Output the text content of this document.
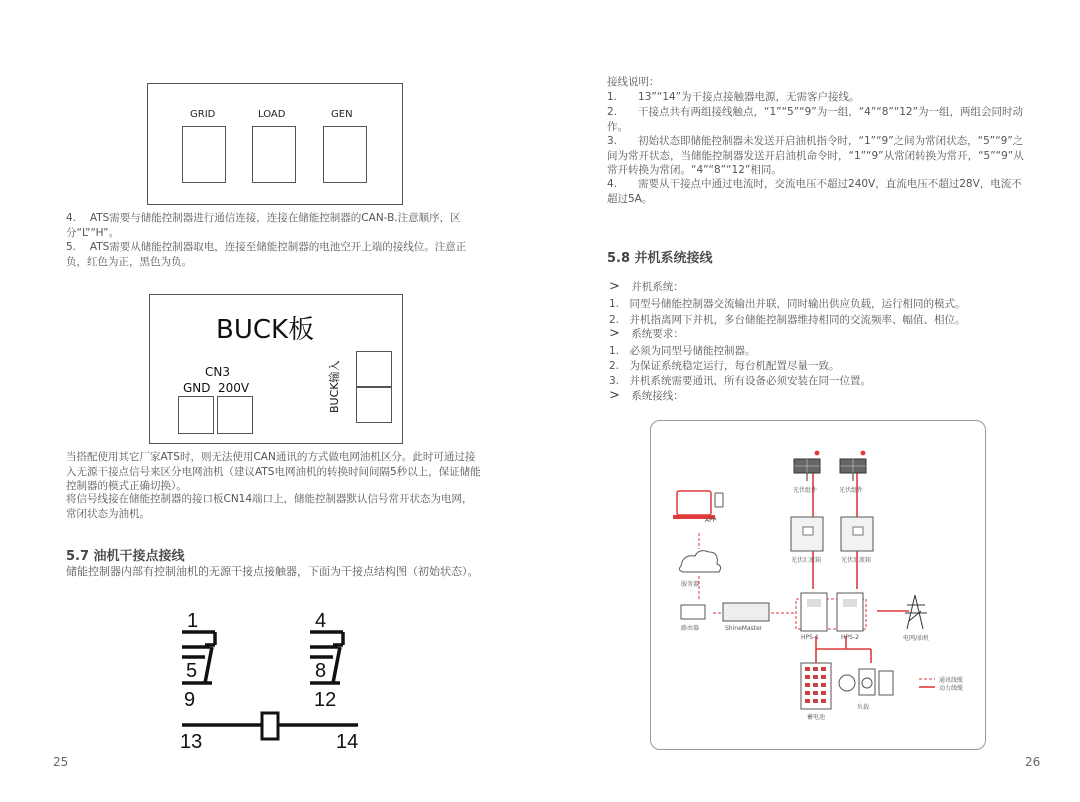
GRID	LOAD	GEN
4.　 ATS需要与储能控制器进行通信连接，连接在储能控制器的CAN-B.注意顺序，区分“L”“H”。
5.　 ATS需要从储能控制器取电，连接至储能控制器的电池空开上端的接线位。注意正负，红色为正，黑色为负。
BUCK板
CN3
GND 200V	BUCK输入
当搭配使用其它厂家ATS时，则无法使用CAN通讯的方式做电网油机区分。此时可通过接入无源干接点信号来区分电网油机（建议ATS电网油机的转换时间间隔5秒以上，保证储能控制器的模式正确切换）。
将信号线接在储能控制器的接口板CN14端口上，储能控制器默认信号常开状态为电网，常闭状态为油机。
5.7 油机干接点接线
储能控制器内部有控制油机的无源干接点接触器，下面为干接点结构图（初始状态）。
1
5
9
4
8
12
13	14
25
接线说明：
1.　　13”“14”为干接点接触器电源，无需客户接线。
2.　　干接点共有两组接线触点，“1”“5”“9”为一组，“4”“8”“12”为一组，两组会同时动作。
3.　　初始状态即储能控制器未发送开启油机指令时，“1”“9”之间为常闭状态，“5”“9”之间为常开状态，当储能控制器发送开启油机命令时，“1”“9”从常闭转换为常开，“5”“9”从常开转换为常闭。“4”“8”“12”相同。
4.　　需要从干接点中通过电流时，交流电压不超过240V，直流电压不超过28V，电流不超过5A。
5.8 并机系统接线
> 并机系统：
1.　同型号储能控制器交流输出并联，同时输出供应负载，运行相同的模式。
2.　并机指离网下并机，多台储能控制器维持相同的交流频率、幅值、相位。
> 系统要求：
1.　必须为同型号储能控制器。
2.　为保证系统稳定运行，每台机配置尽量一致。
3.　并机系统需要通讯，所有设备必须安装在同一位置。
> 系统接线：
APP
服务器
路由器	ShineMaster
光伏组件	光伏组件
光伏汇流箱	光伏汇流箱
HPS-1	HPS-2	电网/油机
蓄电池
负载
通讯线缆
动力线缆
26
